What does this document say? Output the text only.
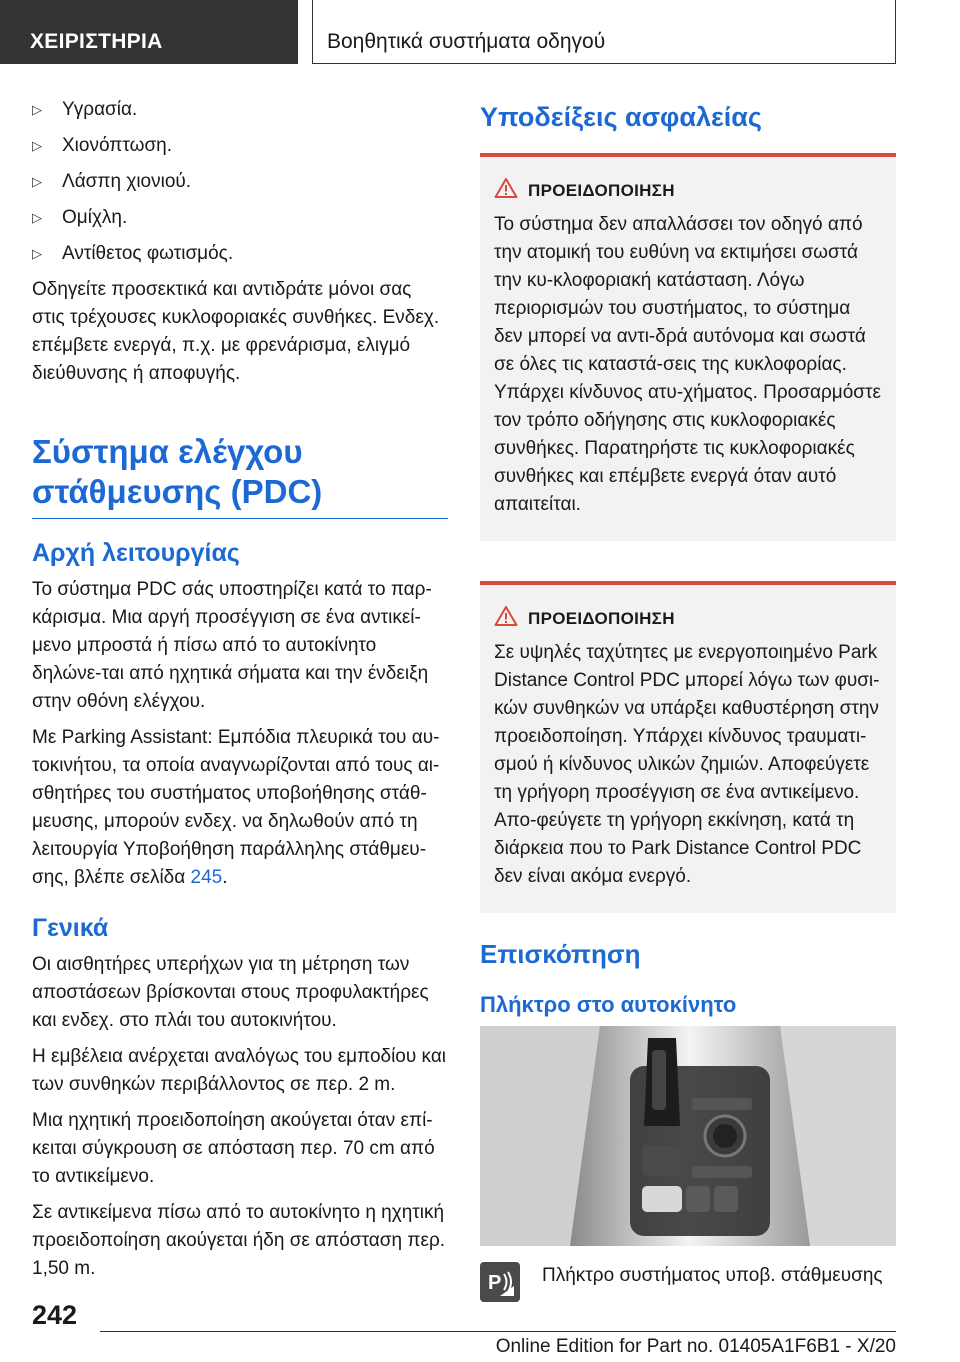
ΧΕΙΡΙΣΤΗΡΙΑ	Βοηθητικά συστήματα οδηγού
▷ Υγρασία.
▷ Χιονόπτωση.
▷ Λάσπη χιονιού.
▷ Ομίχλη.
▷ Αντίθετος φωτισμός.

Οδηγείτε προσεκτικά και αντιδράτε μόνοι σας στις τρέχουσες κυκλοφοριακές συνθήκες. Ενδεχ. επέμβετε ενεργά, π.χ. με φρενάρισμα, ελιγμό διεύθυνσης ή αποφυγής.

Σύστημα ελέγχου
στάθμευσης (PDC)
Αρχή λειτουργίας

Το σύστημα PDC σάς υποστηρίζει κατά το παρ-κάρισμα. Μια αργή προσέγγιση σε ένα αντικεί-μενο μπροστά ή πίσω από το αυτοκίνητο δηλώνε-ται από ηχητικά σήματα και την ένδειξη στην οθόνη ελέγχου.

Με Parking Assistant: Εμπόδια πλευρικά του αυ-τοκινήτου, τα οποία αναγνωρίζονται από τους αι-σθητήρες του συστήματος υποβοήθησης στάθ-μευσης, μπορούν ενδεχ. να δηλωθούν από τη λειτουργία Υποβοήθηση παράλληλης στάθμευ-σης, βλέπε σελίδα 245.

Γενικά

Οι αισθητήρες υπερήχων για τη μέτρηση των αποστάσεων βρίσκονται στους προφυλακτήρες και ενδεχ. στο πλάι του αυτοκινήτου.

Η εμβέλεια ανέρχεται αναλόγως του εμποδίου και των συνθηκών περιβάλλοντος σε περ. 2 m.

Μια ηχητική προειδοποίηση ακούγεται όταν επί-κειται σύγκρουση σε απόσταση περ. 70 cm από το αντικείμενο.

Σε αντικείμενα πίσω από το αυτοκίνητο η ηχητική προειδοποίηση ακούγεται ήδη σε απόσταση περ. 1,50 m.

Υποδείξεις ασφαλείας
ΠΡΟΕΙΔΟΠΟΙΗΣΗ

Το σύστημα δεν απαλλάσσει τον οδηγό από την ατομική του ευθύνη να εκτιμήσει σωστά την κυ-κλοφοριακή κατάσταση. Λόγω περιορισμών του συστήματος, το σύστημα δεν μπορεί να αντι-δρά αυτόνομα και σωστά σε όλες τις καταστά-σεις της κυκλοφορίας. Υπάρχει κίνδυνος ατυ-χήματος. Προσαρμόστε τον τρόπο οδήγησης στις κυκλοφοριακές συνθήκες. Παρατηρήστε τις κυκλοφοριακές συνθήκες και επέμβετε ενεργά όταν αυτό απαιτείται.

ΠΡΟΕΙΔΟΠΟΙΗΣΗ

Σε υψηλές ταχύτητες με ενεργοποιημένο Park Distance Control PDC μπορεί λόγω των φυσι-κών συνθηκών να υπάρξει καθυστέρηση στην προειδοποίηση. Υπάρχει κίνδυνος τραυματι-σμού ή κίνδυνος υλικών ζημιών. Αποφεύγετε τη γρήγορη προσέγγιση σε ένα αντικείμενο. Απο-φεύγετε τη γρήγορη εκκίνηση, κατά τη διάρκεια που το Park Distance Control PDC δεν είναι ακόμα ενεργό.

Επισκόπηση
Πλήκτρο στο αυτοκίνητο
P Πλήκτρο συστήματος υποβ. στάθμευσης
242
Online Edition for Part no. 01405A1F6B1 - X/20
